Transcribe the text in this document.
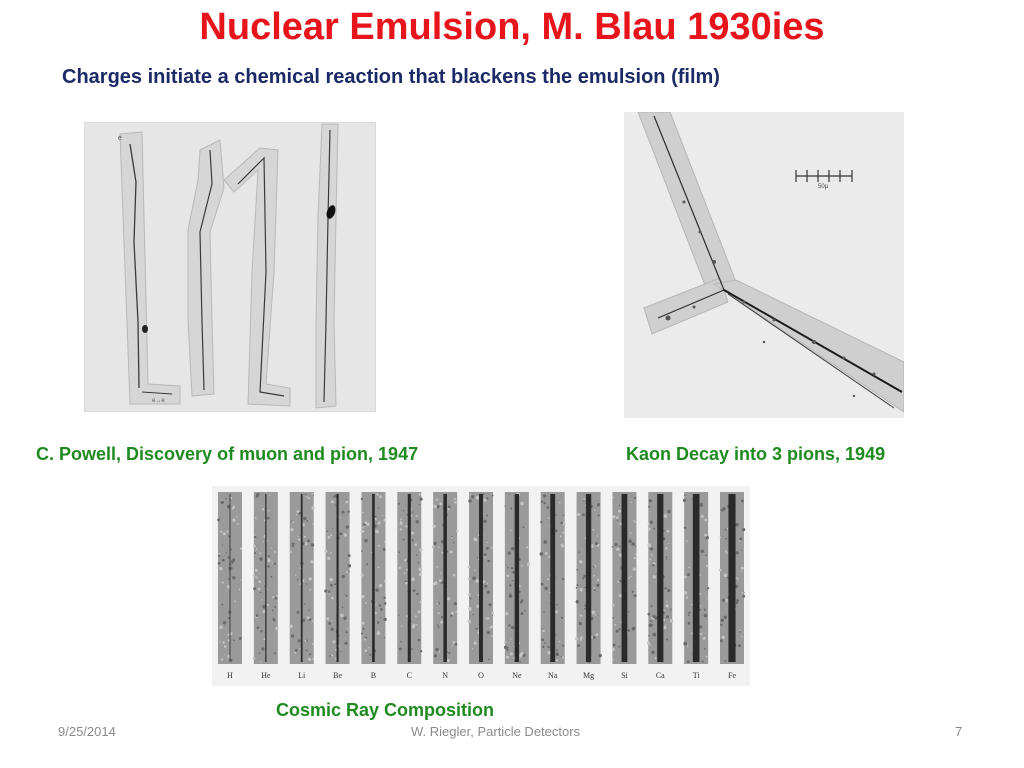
Nuclear Emulsion, M. Blau 1930ies
Charges initiate a chemical reaction that blackens the emulsion (film)
e
e→e
50μ
C. Powell, Discovery of muon and pion, 1947	Kaon Decay into 3 pions, 1949
H	He	Li	Be	B	C	N	O	Ne	Na	Mg	Si	Ca	Ti	Fe
Cosmic Ray Composition
9/25/2014	W. Riegler, Particle Detectors	7
